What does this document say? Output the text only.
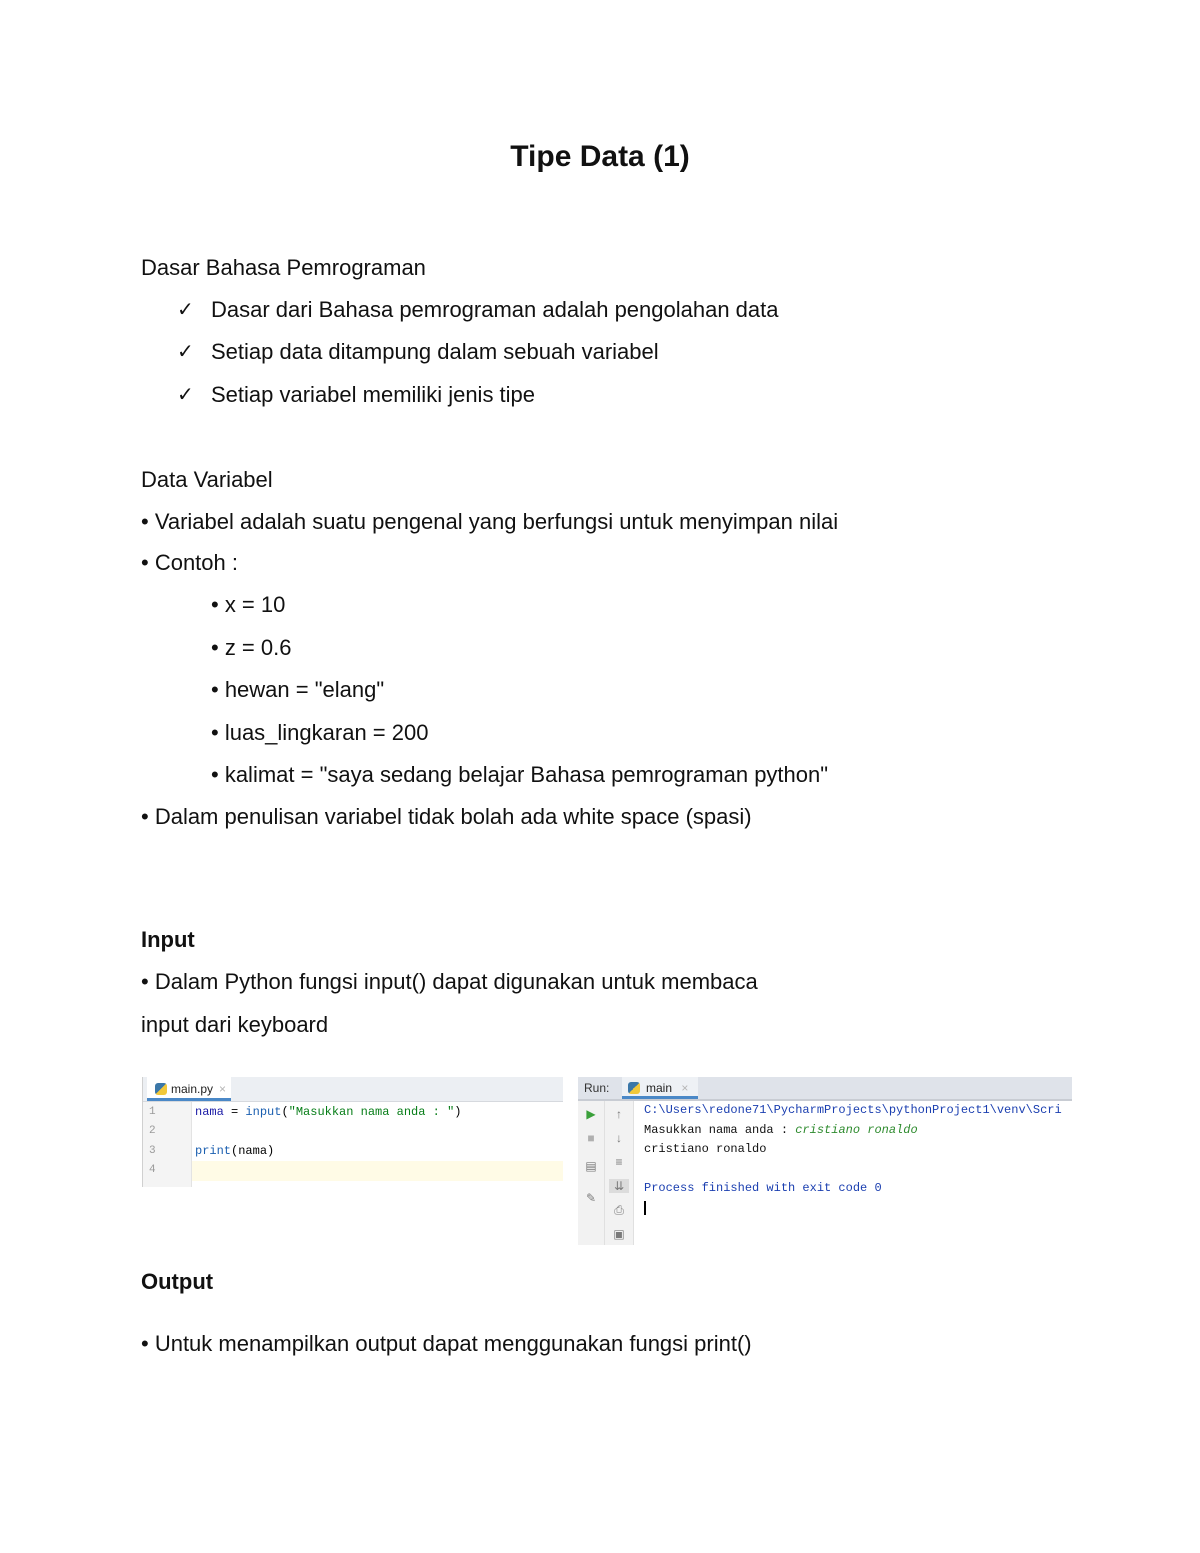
Tipe Data (1)
Dasar Bahasa Pemrograman
✓ Dasar dari Bahasa pemrograman adalah pengolahan data
✓ Setiap data ditampung dalam sebuah variabel
✓ Setiap variabel memiliki jenis tipe
Data Variabel
• Variabel adalah suatu pengenal yang berfungsi untuk menyimpan nilai
• Contoh :
• x = 10
• z = 0.6
• hewan = "elang"
• luas_lingkaran = 200
• kalimat = "saya sedang belajar Bahasa pemrograman python"
• Dalam penulisan variabel tidak bolah ada white space (spasi)
Input
• Dalam Python fungsi input() dapat digunakan untuk membaca
input dari keyboard
main.py ×
1
2
3
4
nama = input("Masukkan nama anda : ")
print(nama)
Run:	main ×
▶
■
▤
✎
↑
↓
≡
⇊
⎙
▣
C:\Users\redone71\PycharmProjects\pythonProject1\venv\Scri
Masukkan nama anda : cristiano ronaldo
cristiano ronaldo
Process finished with exit code 0
Output
• Untuk menampilkan output dapat menggunakan fungsi print()
